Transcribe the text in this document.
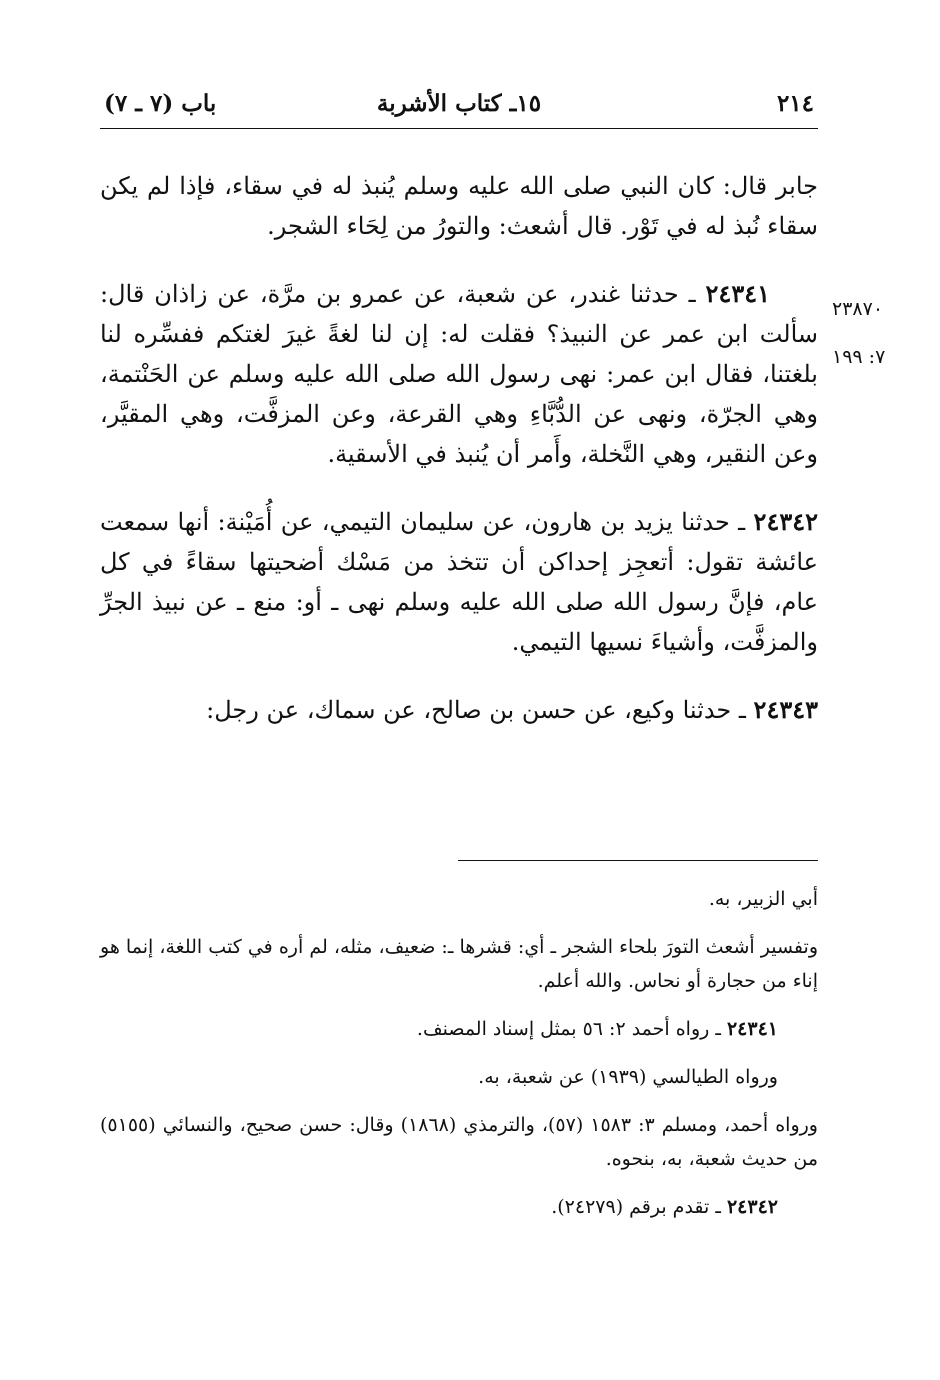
٢١٤
١٥ـ كتاب الأشربة
باب (٧ ـ ٧)
٢٣٨٧٠
٧: ١٩٩

جابر قال: كان النبي صلى الله عليه وسلم يُنبذ له في سقاء، فإذا لم يكن سقاء نُبذ له في تَوْر. قال أشعث: والتورُ من لِحَاء الشجر.

  ٢٤٣٤١ ـ حدثنا غندر، عن شعبة، عن عمرو بن مرَّة، عن زاذان قال: سألت ابن عمر عن النبيذ؟ فقلت له: إن لنا لغةً غيرَ لغتكم ففسِّره لنا بلغتنا، فقال ابن عمر: نهى رسول الله صلى الله عليه وسلم عن الحَنْتمة، وهي الجرّة، ونهى عن الدُّبَّاءِ وهي القرعة، وعن المزفَّت، وهي المقيَّر، وعن النقير، وهي النَّخلة، وأَمر أن يُنبذ في الأسقية.

٢٤٣٤٢ ـ حدثنا يزيد بن هارون، عن سليمان التيمي، عن أُمَيْنة: أنها سمعت عائشة تقول: أتعجِز إحداكن أن تتخذ من مَسْك أضحيتها سقاءً في كل عام، فإنَّ رسول الله صلى الله عليه وسلم نهى ـ أو: منع ـ عن نبيذ الجرِّ والمزفَّت، وأشياءَ نسيها التيمي.

٢٤٣٤٣ ـ حدثنا وكيع، عن حسن بن صالح، عن سماك، عن رجل:

أبي الزبير، به.

وتفسير أشعث التورَ بلحاء الشجر ـ أي: قشرها ـ: ضعيف، مثله، لم أره في كتب اللغة، إنما هو إناء من حجارة أو نحاس. والله أعلم.

٢٤٣٤١ ـ رواه أحمد ٢: ٥٦ بمثل إسناد المصنف.

ورواه الطيالسي (١٩٣٩) عن شعبة، به.

ورواه أحمد، ومسلم ٣: ١٥٨٣ (٥٧)، والترمذي (١٨٦٨) وقال: حسن صحيح، والنسائي (٥١٥٥) من حديث شعبة، به، بنحوه.

٢٤٣٤٢ ـ تقدم برقم (٢٤٢٧٩).
